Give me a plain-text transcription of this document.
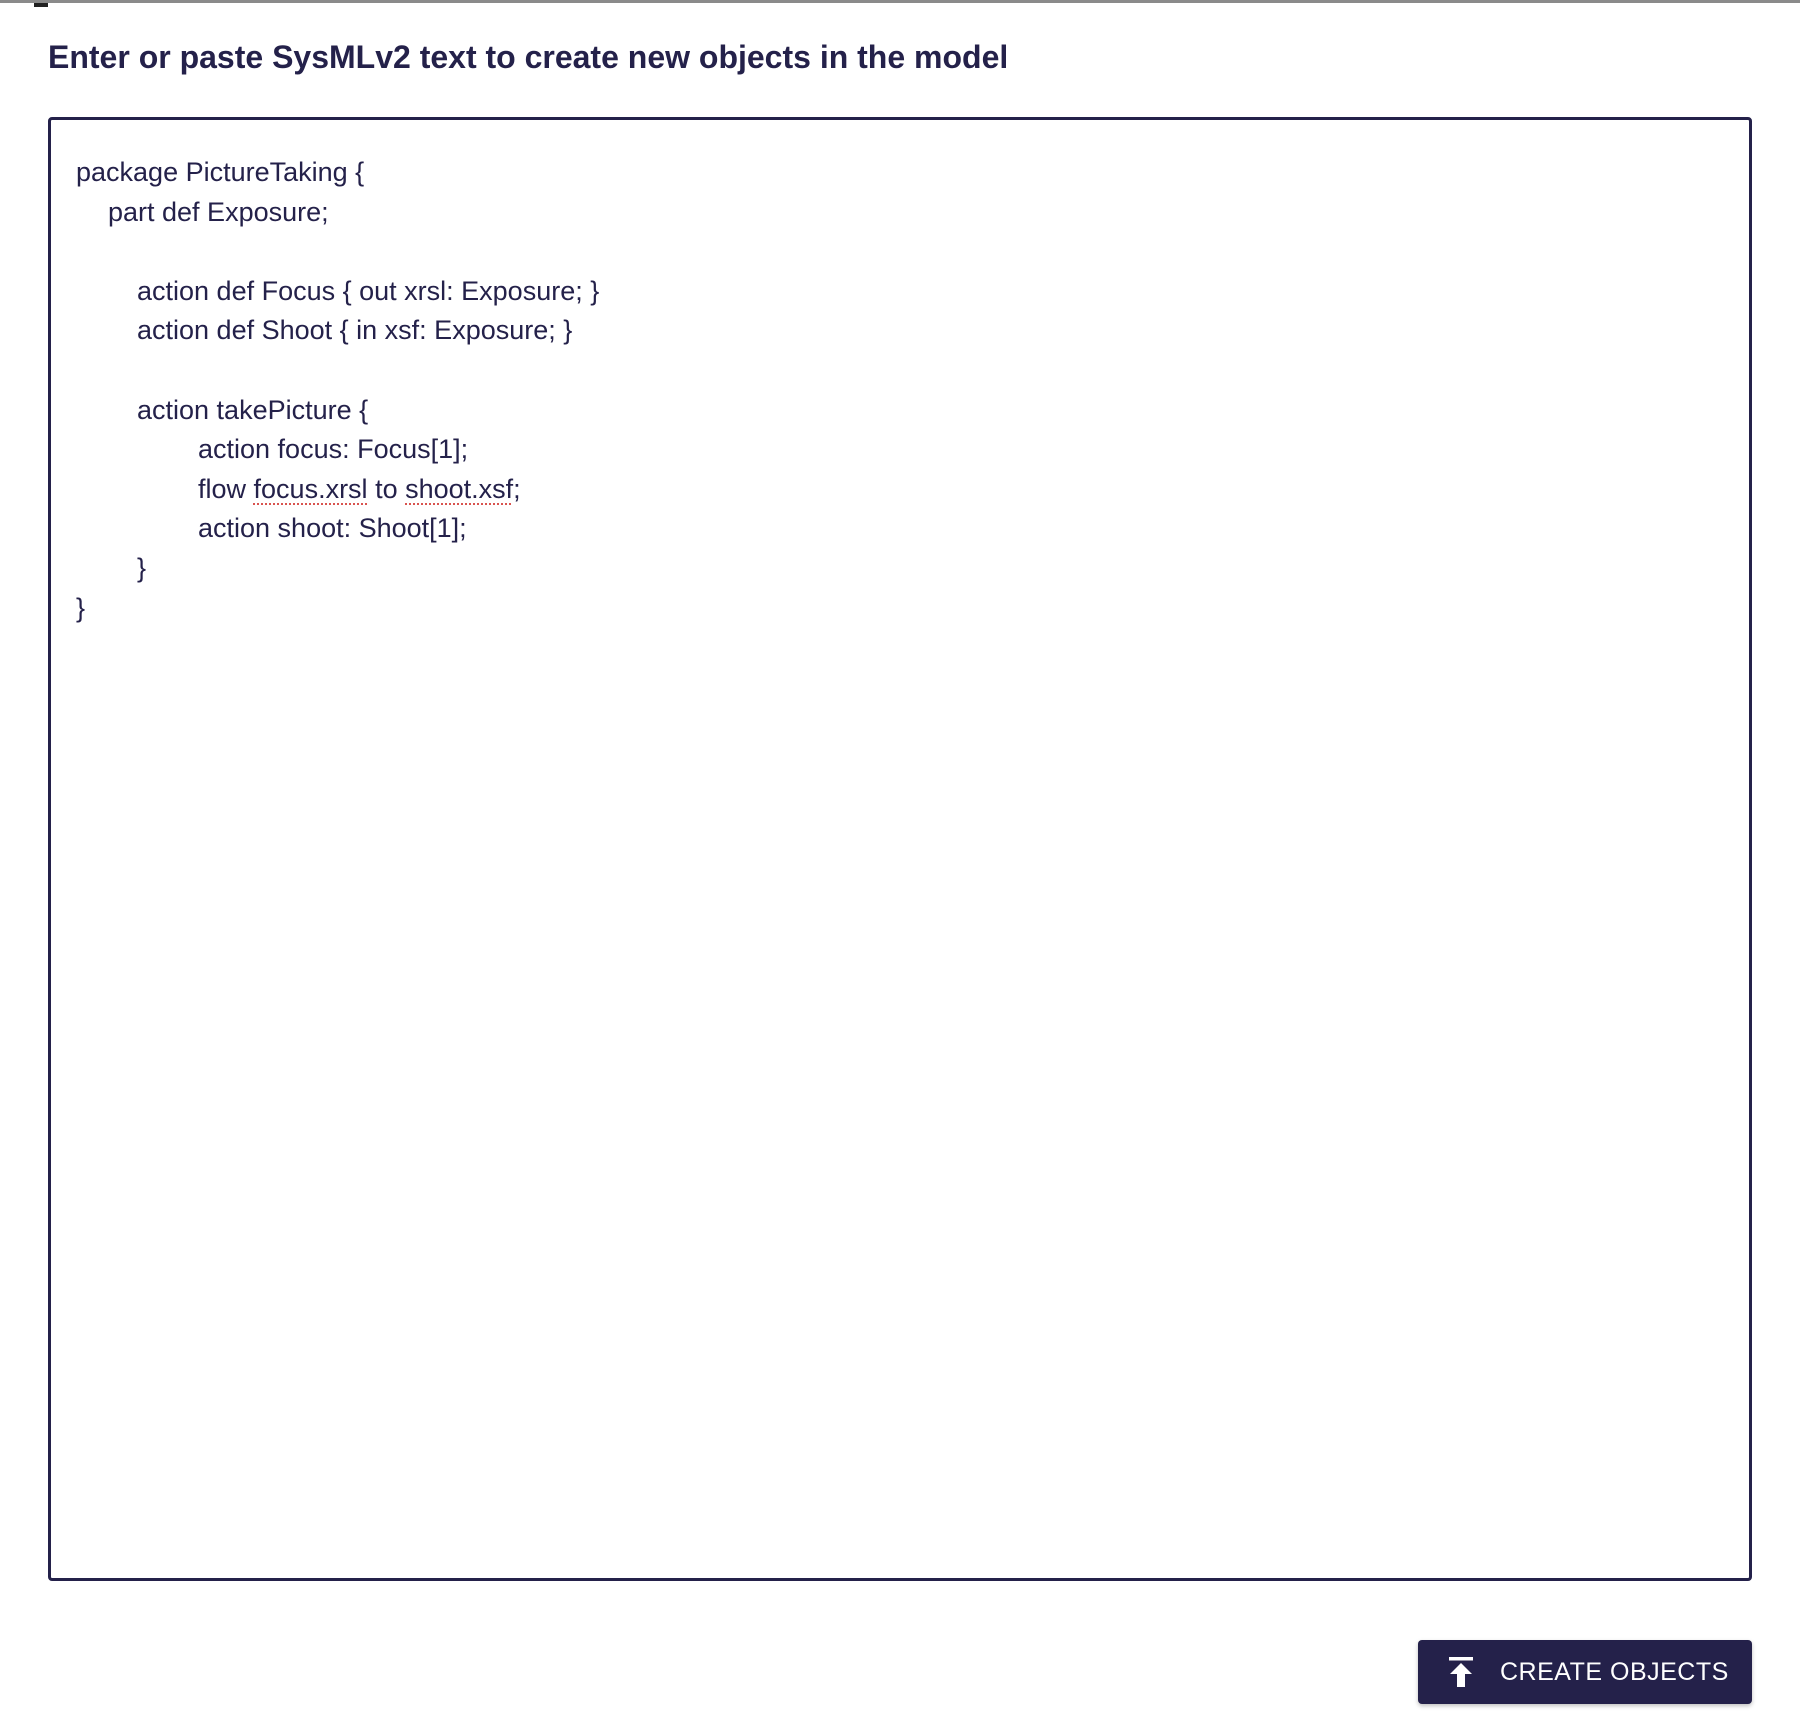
Enter or paste SysMLv2 text to create new objects in the model
package PictureTaking {
part def Exposure;
action def Focus { out xrsl: Exposure; }
action def Shoot { in xsf: Exposure; }
action takePicture {
action focus: Focus[1];
flow focus.xrsl to shoot.xsf;
action shoot: Shoot[1];
}
}
CREATE OBJECTS
